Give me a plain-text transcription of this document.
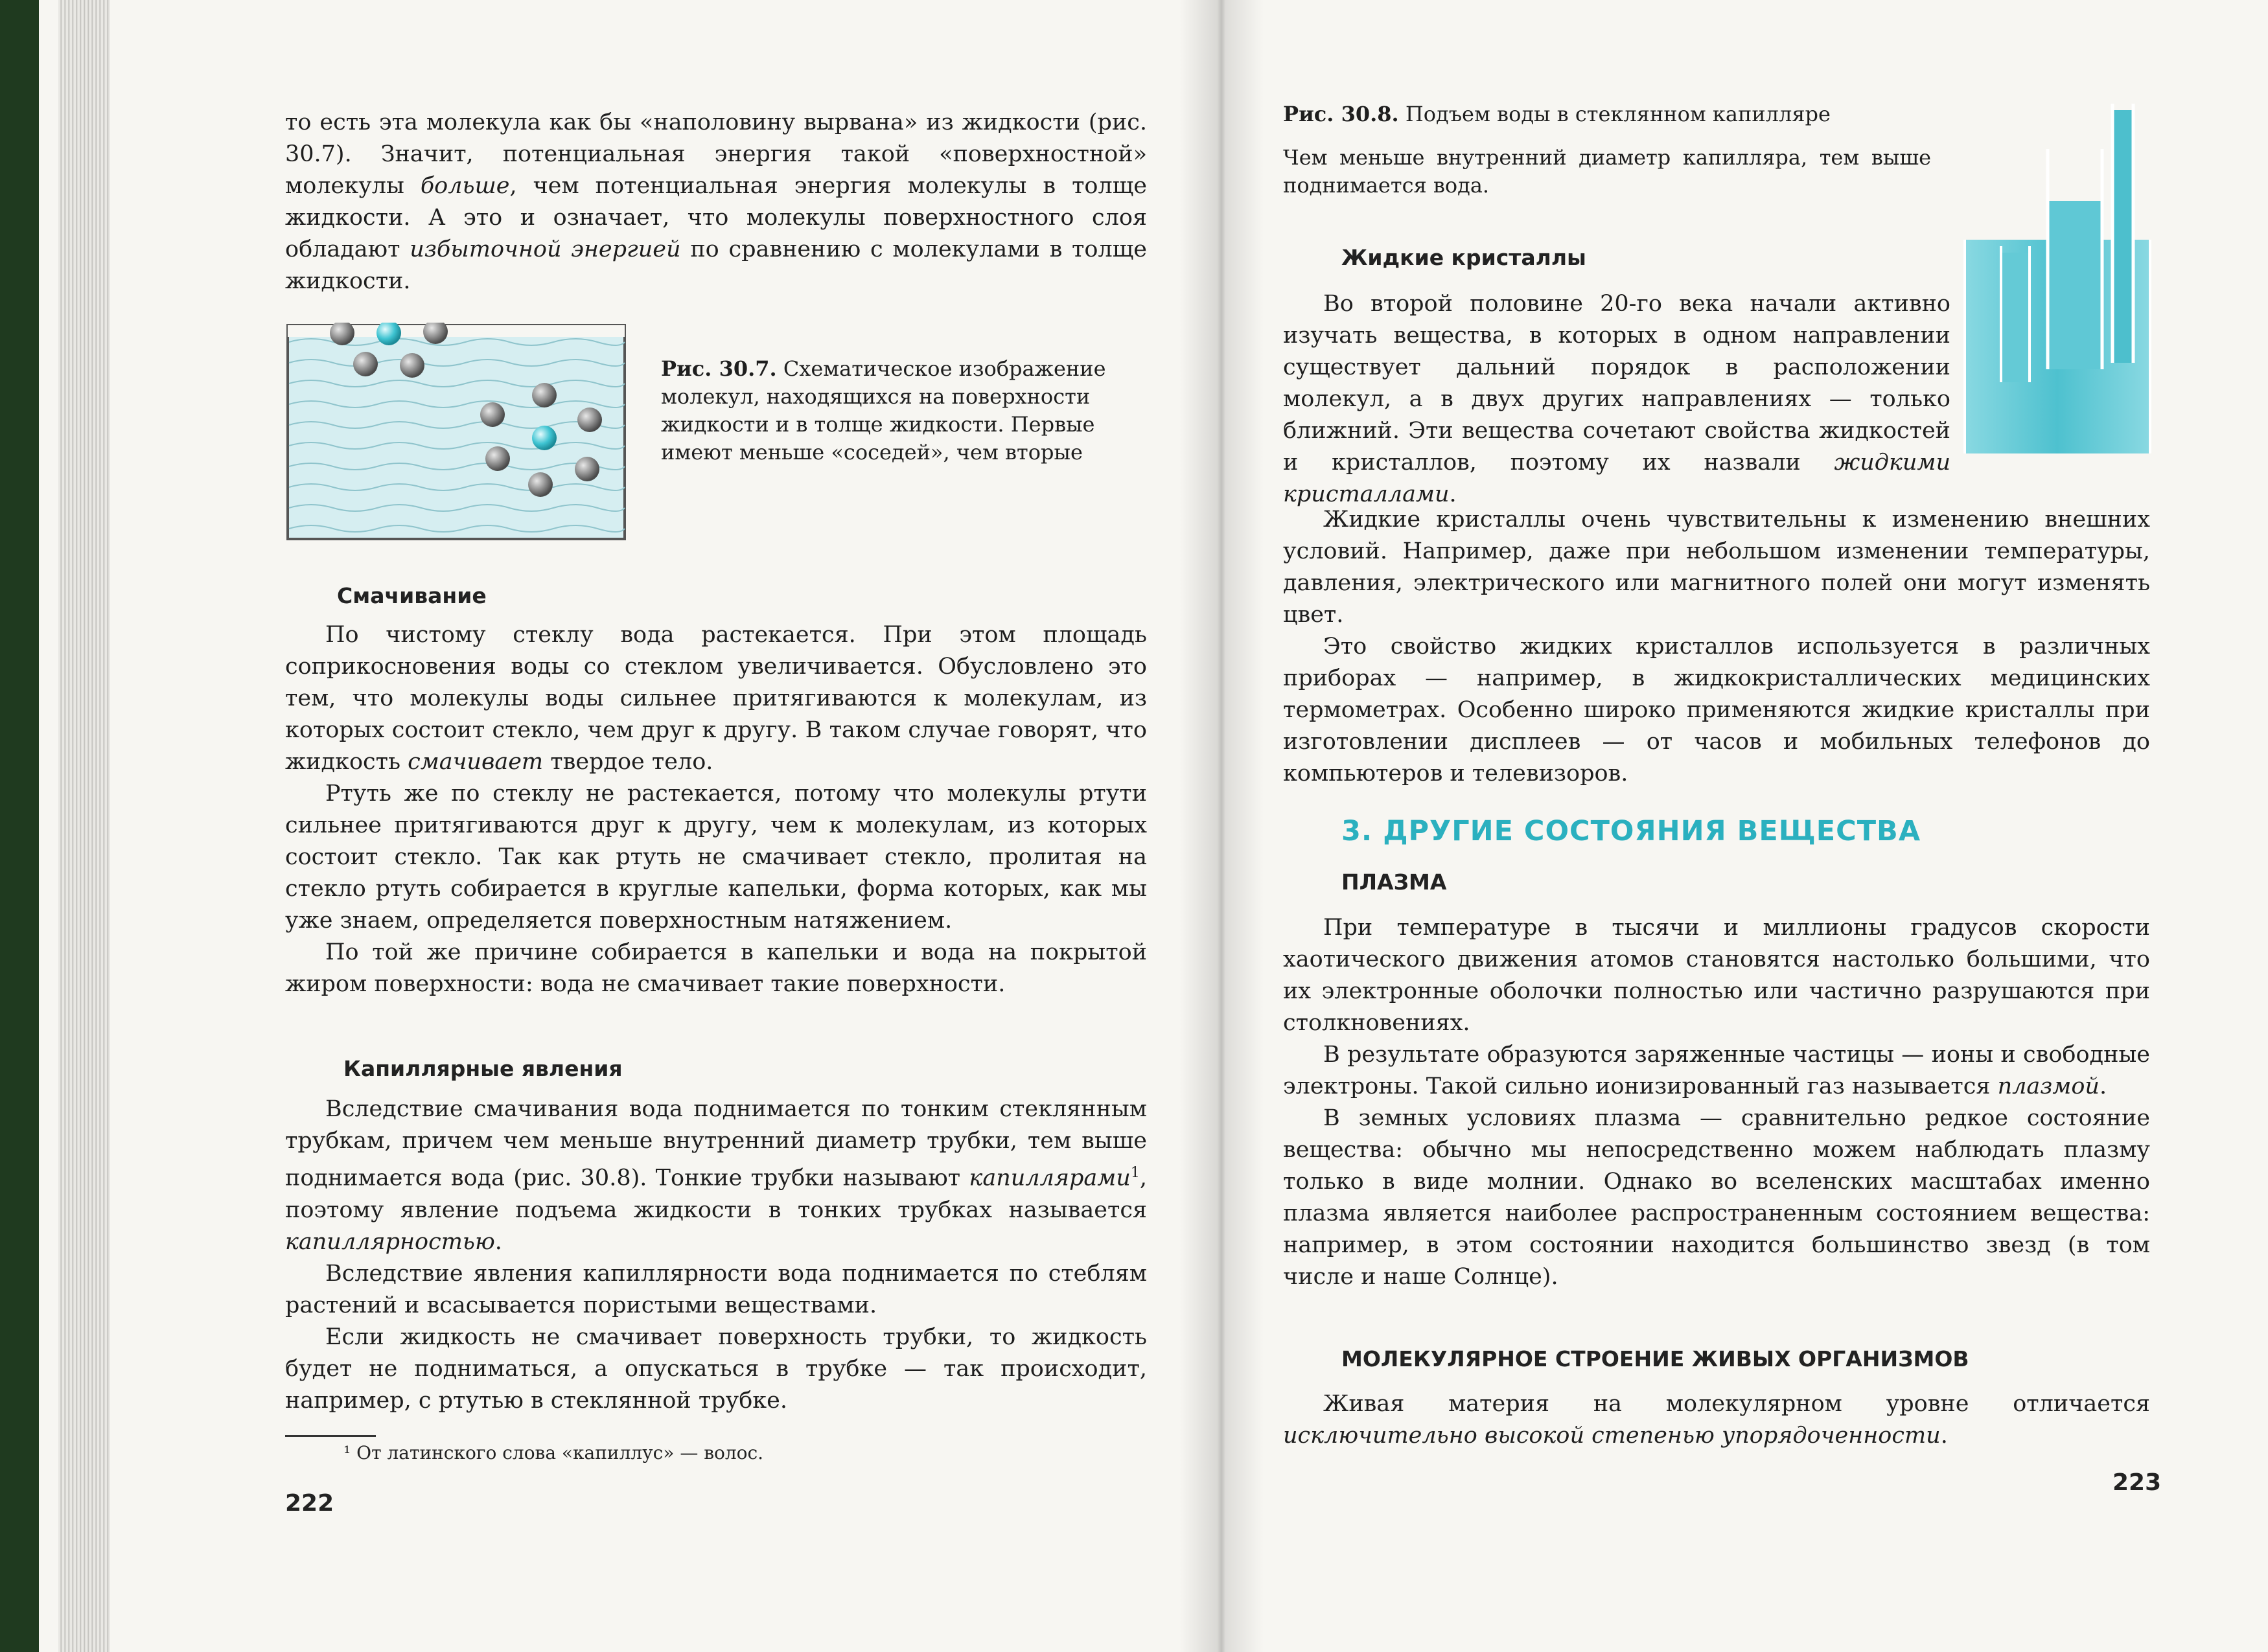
то есть эта молекула как бы «наполовину вырвана» из жидкости (рис. 30.7). Значит, потенциальная энергия такой «поверхностной» молекулы больше, чем потенциальная энергия молекулы в толще жидкости. А это и означает, что молекулы поверхностного слоя обладают избыточной энергией по сравнению с молекулами в толще жидкости.

Рис. 30.7. Схематическое изображение молекул, находящихся на поверхности жидкости и в толще жидкости. Первые имеют меньше «соседей», чем вторые
Смачивание

По чистому стеклу вода растекается. При этом площадь соприкосновения воды со стеклом увеличивается. Обусловлено это тем, что молекулы воды сильнее притягиваются к молекулам, из которых состоит стекло, чем друг к другу. В таком случае говорят, что жидкость смачивает твердое тело.

Ртуть же по стеклу не растекается, потому что молекулы ртути сильнее притягиваются друг к другу, чем к молекулам, из которых состоит стекло. Так как ртуть не смачивает стекло, пролитая на стекло ртуть собирается в круглые капельки, форма которых, как мы уже знаем, определяется поверхностным натяжением.

По той же причине собирается в капельки и вода на покрытой жиром поверхности: вода не смачивает такие поверхности.

Капиллярные явления

Вследствие смачивания вода поднимается по тонким стеклянным трубкам, причем чем меньше внутренний диаметр трубки, тем выше поднимается вода (рис. 30.8). Тонкие трубки называют капиллярами$^1$, поэтому явление подъема жидкости в тонких трубках называется капиллярностью.

Вследствие явления капиллярности вода поднимается по стеблям растений и всасывается пористыми веществами.

Если жидкость не смачивает поверхность трубки, то жидкость будет не подниматься, а опускаться в трубке — так происходит, например, с ртутью в стеклянной трубке.

¹ От латинского слова «капиллус» — волос.
222
Рис. 30.8. Подъем воды в стеклянном капилляре
Чем меньше внутренний диаметр капилляра, тем выше поднимается вода.
Жидкие кристаллы

Во второй половине 20-го века начали активно изучать вещества, в которых в одном направлении существует дальний порядок в расположении молекул, а в двух других направлениях — только ближний. Эти вещества сочетают свойства жидкостей и кристаллов, поэтому их назвали жидкими кристаллами.

Жидкие кристаллы очень чувствительны к изменению внешних условий. Например, даже при небольшом изменении температуры, давления, электрического или магнитного полей они могут изменять цвет.

Это свойство жидких кристаллов используется в различных приборах — например, в жидкокристаллических медицинских термометрах. Особенно широко применяются жидкие кристаллы при изготовлении дисплеев — от часов и мобильных телефонов до компьютеров и телевизоров.

3. ДРУГИЕ СОСТОЯНИЯ ВЕЩЕСТВА
ПЛАЗМА

При температуре в тысячи и миллионы градусов скорости хаотического движения атомов становятся настолько большими, что их электронные оболочки полностью или частично разрушаются при столкновениях.

В результате образуются заряженные частицы — ионы и свободные электроны. Такой сильно ионизированный газ называется плазмой.

В земных условиях плазма — сравнительно редкое состояние вещества: обычно мы непосредственно можем наблюдать плазму только в виде молнии. Однако во вселенских масштабах именно плазма является наиболее распространенным состоянием вещества: например, в этом состоянии находится большинство звезд (в том числе и наше Солнце).

МОЛЕКУЛЯРНОЕ СТРОЕНИЕ ЖИВЫХ ОРГАНИЗМОВ

Живая материя на молекулярном уровне отличается исключительно высокой степенью упорядоченности.

223
